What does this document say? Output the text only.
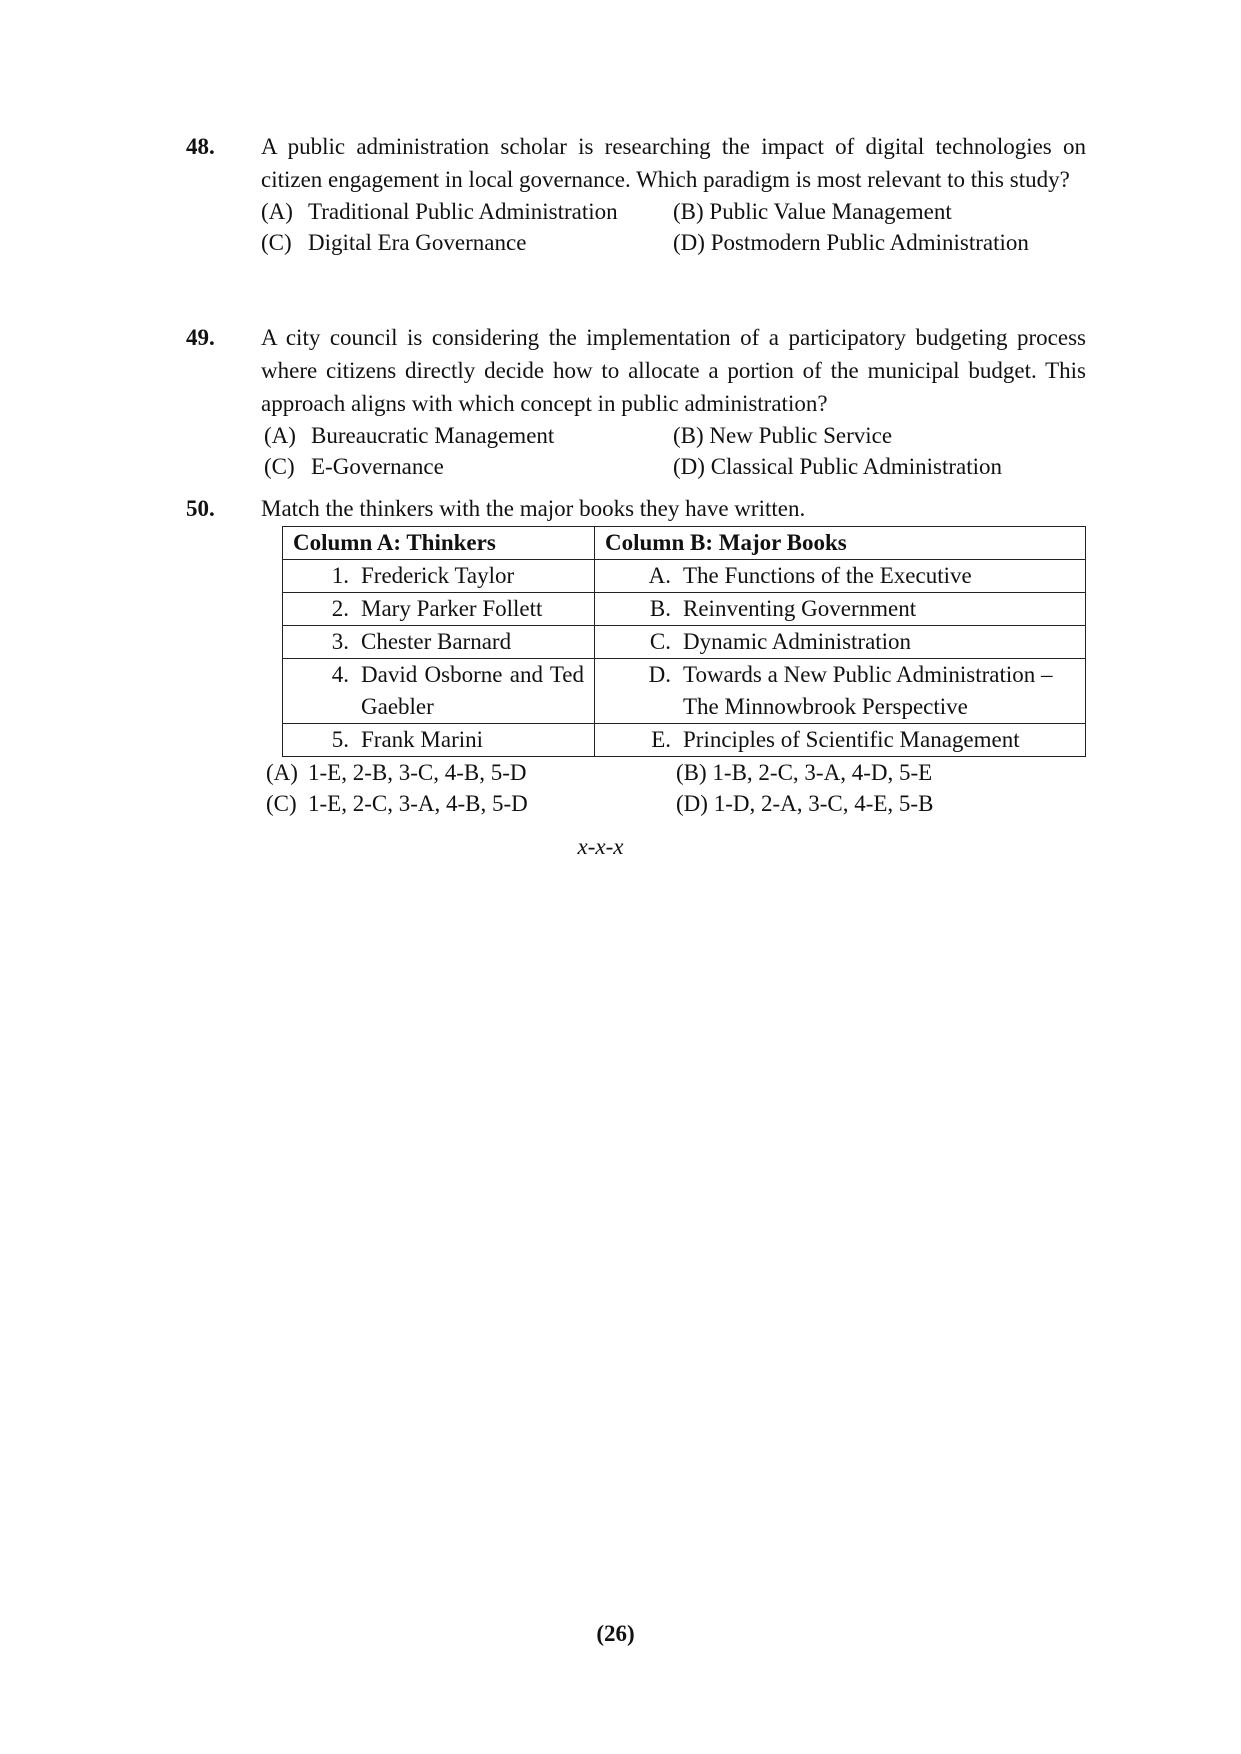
48. A public administration scholar is researching the impact of digital technologies on citizen engagement in local governance. Which paradigm is most relevant to this study?

(A) Traditional Public Administration	(B) Public Value Management
(C) Digital Era Governance	(D) Postmodern Public Administration
49. A city council is considering the implementation of a participatory budgeting process where citizens directly decide how to allocate a portion of the municipal budget. This approach aligns with which concept in public administration?

(A) Bureaucratic Management	(B) New Public Service
(C) E-Governance	(D) Classical Public Administration
50. Match the thinkers with the major books they have written.

Column A: Thinkers	Column B: Major Books

1. Frederick Taylor	A. The Functions of the Executive

2. Mary Parker Follett	B. Reinventing Government

3. Chester Barnard	C. Dynamic Administration

4. David Osborne and Ted Gaebler	D. Towards a New Public Administration – The Minnowbrook Perspective

5. Frank Marini	E. Principles of Scientific Management
(A) 1-E, 2-B, 3-C, 4-B, 5-D	(B) 1-B, 2-C, 3-A, 4-D, 5-E
(C) 1-E, 2-C, 3-A, 4-B, 5-D	(D) 1-D, 2-A, 3-C, 4-E, 5-B
x-x-x
(26)
